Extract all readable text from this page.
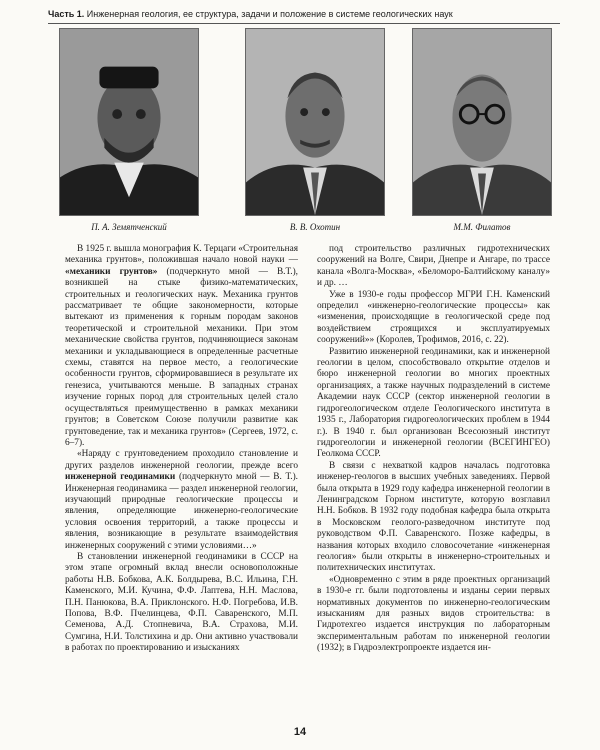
Часть 1. Инженерная геология, ее структура, задачи и положение в системе геологических наук
П. А. Земятченский	В. В. Охотин	М.М. Филатов

В 1925 г. вышла монография К. Терцаги «Строительная механика грунтов», положившая начало новой науки — «механики грунтов» (подчеркнуто мной — В.Т.), возникшей на стыке физико-математических, строительных и геологических наук. Механика грунтов рассматривает те общие закономерности, которые вытекают из применения к горным породам законов теоретической и строительной механики. При этом механические свойства грунтов, подчиняющиеся законам механики и укладывающиеся в определенные расчетные схемы, ставятся на первое место, а геологические особенности грунтов, сформировавшиеся в результате их генезиса, учитываются меньше. В западных странах изучение горных пород для строительных целей стало осуществляться преимущественно в рамках механики грунтов; в Советском Союзе получили развитие как грунтоведение, так и механика грунтов» (Сергеев, 1972, с. 6–7).

«Наряду с грунтоведением проходило становление и других разделов инженерной геологии, прежде всего инженерной геодинамики (подчеркнуто мной — В. Т.). Инженерная геодинамика — раздел инженерной геологии, изучающий природные геологические процессы и явления, определяющие инженерно-геологические условия освоения территорий, а также процессы и явления, возникающие в результате взаимодействия инженерных сооружений с этими условиями…»

В становлении инженерной геодинамики в СССР на этом этапе огромный вклад внесли основоположные работы Н.В. Бобкова, А.К. Болдырева, В.С. Ильина, Г.Н. Каменского, М.И. Кучина, Ф.Ф. Лаптева, Н.Н. Маслова, П.Н. Панюкова, В.А. Приклонского. Н.Ф. Погребова, И.В. Попова, В.Ф. Пчелинцева, Ф.П. Саваренского, М.П. Семенова, А.Д. Стопневича, В.А. Страхова, М.И. Сумгина, Н.И. Толстихина и др. Они активно участвовали в работах по проектированию и изысканиях

под строительство различных гидротехнических сооружений на Волге, Свири, Днепре и Ангаре, по трассе канала «Волга-Москва», «Беломоро-Балтийскому каналу» и др. …

Уже в 1930-е годы профессор МГРИ Г.Н. Каменский определил «инженерно-геологические процессы» как «изменения, происходящие в геологической среде под воздействием строящихся и эксплуатируемых сооружений»» (Королев, Трофимов, 2016, с. 22).

Развитию инженерной геодинамики, как и инженерной геологии в целом, способствовало открытие отделов и бюро инженерной геологии во многих проектных организациях, а также научных подразделений в системе Академии наук СССР (сектор инженерной геологии в гидрогеологическом отделе Геологического института в 1935 г., Лаборатория гидрогеологических проблем в 1944 г.). В 1940 г. был организован Всесоюзный институт гидрогеологии и инженерной геологии (ВСЕГИНГЕО) Геолкома СССР.

В связи с нехваткой кадров началась подготовка инженер-геологов в высших учебных заведениях. Первой была открыта в 1929 году кафедра инженерной геологии в Ленинградском Горном институте, которую возглавил Н.Н. Бобков. В 1932 году подобная кафедра была открыта в Московском геолого-разведочном институте под руководством Ф.П. Саваренского. Позже кафедры, в названия которых входило словосочетание «инженерная геология» были открыты в инженерно-строительных и политехнических институтах.

«Одновременно с этим в ряде проектных организаций в 1930-е гг. были подготовлены и изданы серии первых нормативных документов по инженерно-геологическим изысканиям для разных видов строительства: в Гидротехгео издается инструкция по лабораторным экспериментальным работам по инженерной геологии (1932); в Гидроэлектропроекте издается ин-

14
